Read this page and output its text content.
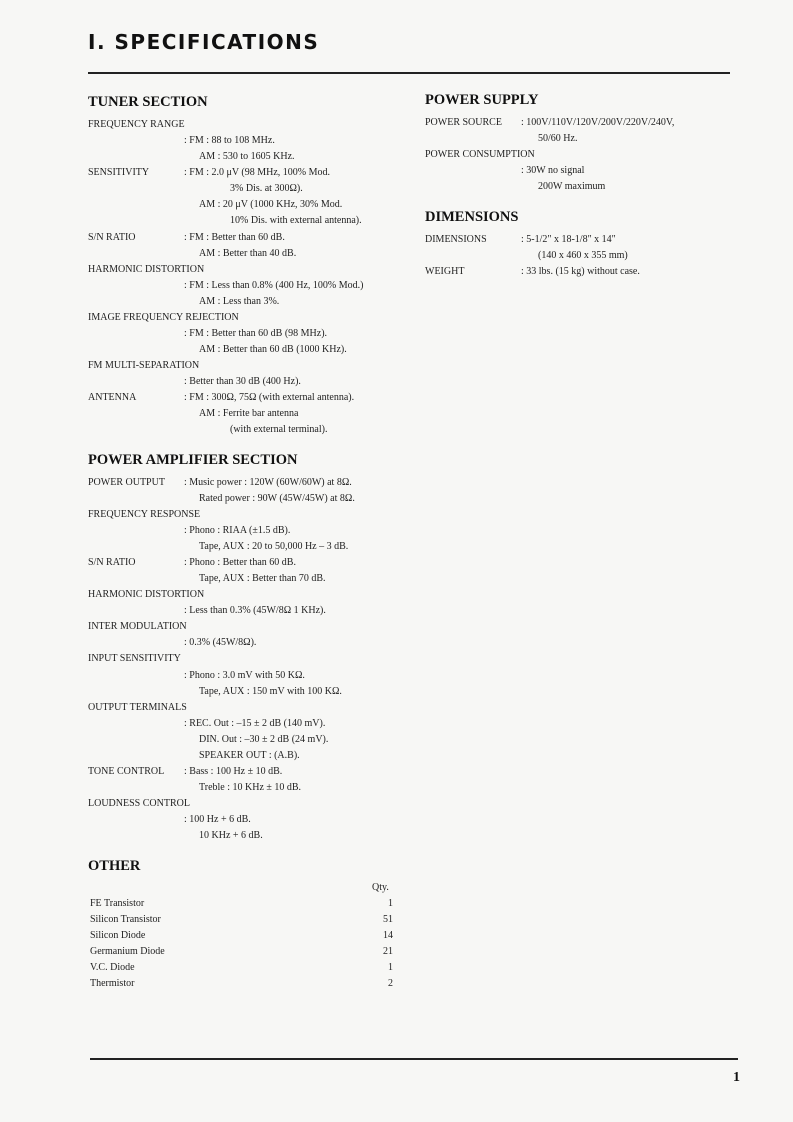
I. SPECIFICATIONS
TUNER SECTION
FREQUENCY RANGE
: FM : 88 to 108 MHz.
AM : 530 to 1605 KHz.
SENSITIVITY	: FM : 2.0 μV (98 MHz, 100% Mod.
3% Dis. at 300Ω).
AM : 20 μV (1000 KHz, 30% Mod.
10% Dis. with external antenna).
S/N RATIO	: FM : Better than 60 dB.
AM : Better than 40 dB.
HARMONIC DISTORTION
: FM : Less than 0.8% (400 Hz, 100% Mod.)
AM : Less than 3%.
IMAGE FREQUENCY REJECTION
: FM : Better than 60 dB (98 MHz).
AM : Better than 60 dB (1000 KHz).
FM MULTI-SEPARATION
: Better than 30 dB (400 Hz).
ANTENNA	: FM : 300Ω, 75Ω (with external antenna).
AM : Ferrite bar antenna
(with external terminal).
POWER AMPLIFIER SECTION
POWER OUTPUT : Music power : 120W (60W/60W) at 8Ω.
Rated power : 90W (45W/45W) at 8Ω.
FREQUENCY RESPONSE
: Phono : RIAA (±1.5 dB).
Tape, AUX : 20 to 50,000 Hz – 3 dB.
S/N RATIO	: Phono : Better than 60 dB.
Tape, AUX : Better than 70 dB.
HARMONIC DISTORTION
: Less than 0.3% (45W/8Ω 1 KHz).
INTER MODULATION
: 0.3% (45W/8Ω).
INPUT SENSITIVITY
: Phono : 3.0 mV with 50 KΩ.
Tape, AUX : 150 mV with 100 KΩ.
OUTPUT TERMINALS
: REC. Out : –15 ± 2 dB (140 mV).
DIN. Out : –30 ± 2 dB (24 mV).
SPEAKER OUT : (A.B).
TONE CONTROL : Bass : 100 Hz ± 10 dB.
Treble : 10 KHz ± 10 dB.
LOUDNESS CONTROL
: 100 Hz + 6 dB.
10 KHz + 6 dB.
OTHER
Qty.
FE Transistor	1
Silicon Transistor	51
Silicon Diode	14
Germanium Diode	21
V.C. Diode	1
Thermistor	2
POWER SUPPLY
POWER SOURCE : 100V/110V/120V/200V/220V/240V,
50/60 Hz.
POWER CONSUMPTION
: 30W no signal
200W maximum
DIMENSIONS
DIMENSIONS	: 5-1/2" x 18-1/8" x 14"
(140 x 460 x 355 mm)
WEIGHT	: 33 lbs. (15 kg) without case.
1
